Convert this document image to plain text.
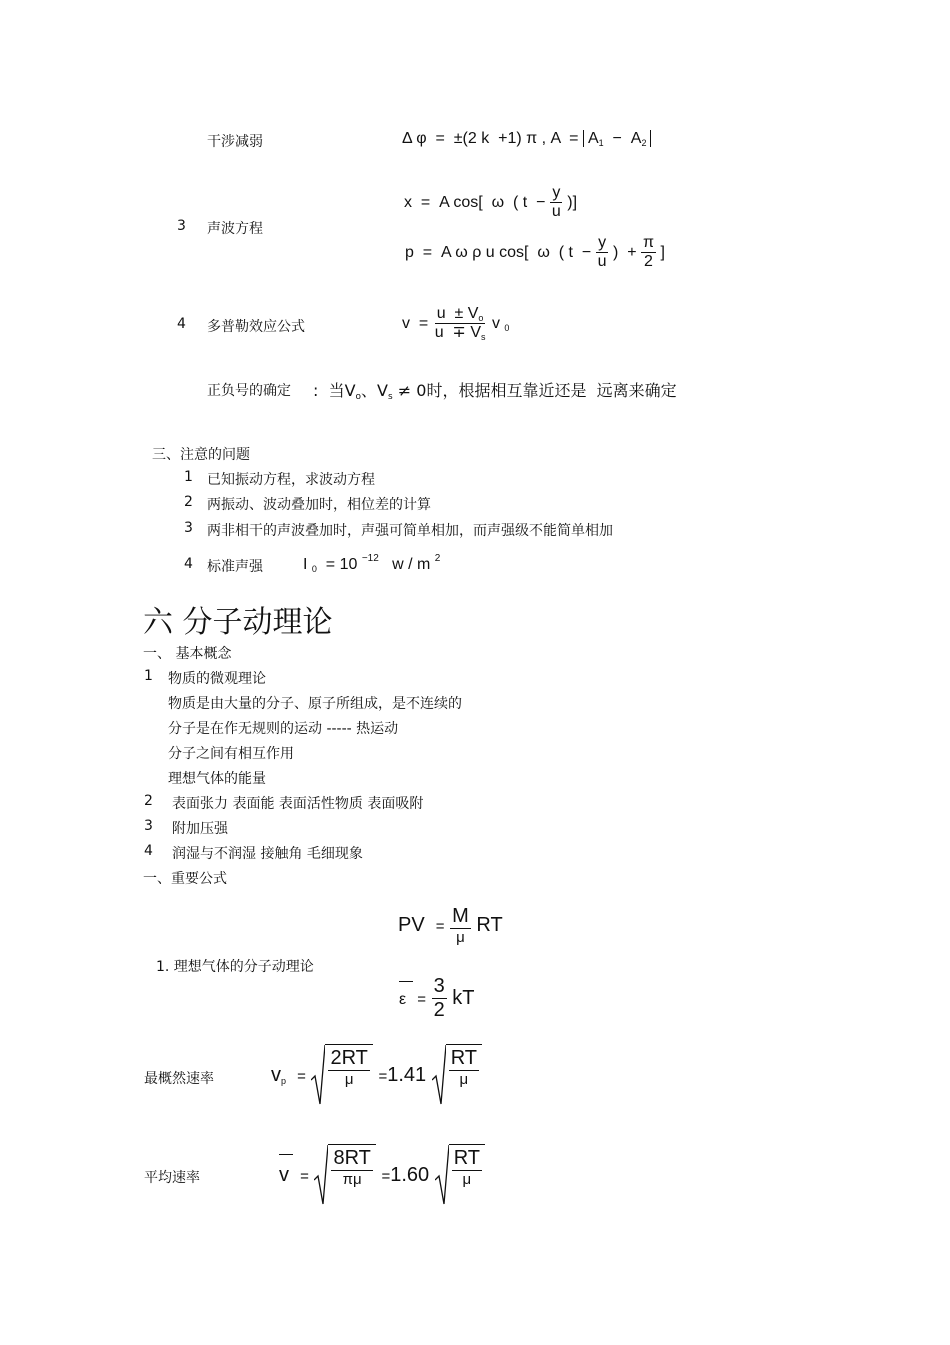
干涉减弱	Δ φ  =  ±(2 k  +1) π , A  = A1  −  A2
3 声波方程
x  =  A cos[  ω  ( $t - \frac{y}{u}$ )]
p  =  A ω ρ u cos[  ω  ( $t - \frac{y}{u}$ )  + $\frac{\pi}{2}$ ]
4 多普勒效应公式	$v = \frac{u \pm Vo}{u \mp Vs}$ v 0
正负号的确定 :  当Vo、Vs ≠ 0时，根据相互靠近还是  远离来确定
三、注意的问题
1 已知振动方程，求波动方程
2 两振动、波动叠加时，相位差的计算
3 两非相干的声波叠加时，声强可简单相加，而声强级不能简单相加
4 标准声强	I 0  = 10 $^{-12}$   w / m $^2$
六 分子动理论
一、 基本概念
1 物质的微观理论
物质是由大量的分子、原子所组成，是不连续的
分子是在作无规则的运动 ----- 热运动
分子之间有相互作用
理想气体的能量
2 表面张力 表面能 表面活性物质 表面吸附
3 附加压强
4 润湿与不润湿 接触角 毛细现象
一、重要公式
PV  = $\frac{M}{\mu}$ RT
1. 理想气体的分子动理论
$\varepsilon = \frac{3}{2}$ kT
最概然速率	vp = $\frac{2RT}{\mu} =1.41 \frac{RT}{\mu}$
平均速率	$v = \frac{8RT}{\pi\mu} =1.60 \frac{RT}{\mu}$
